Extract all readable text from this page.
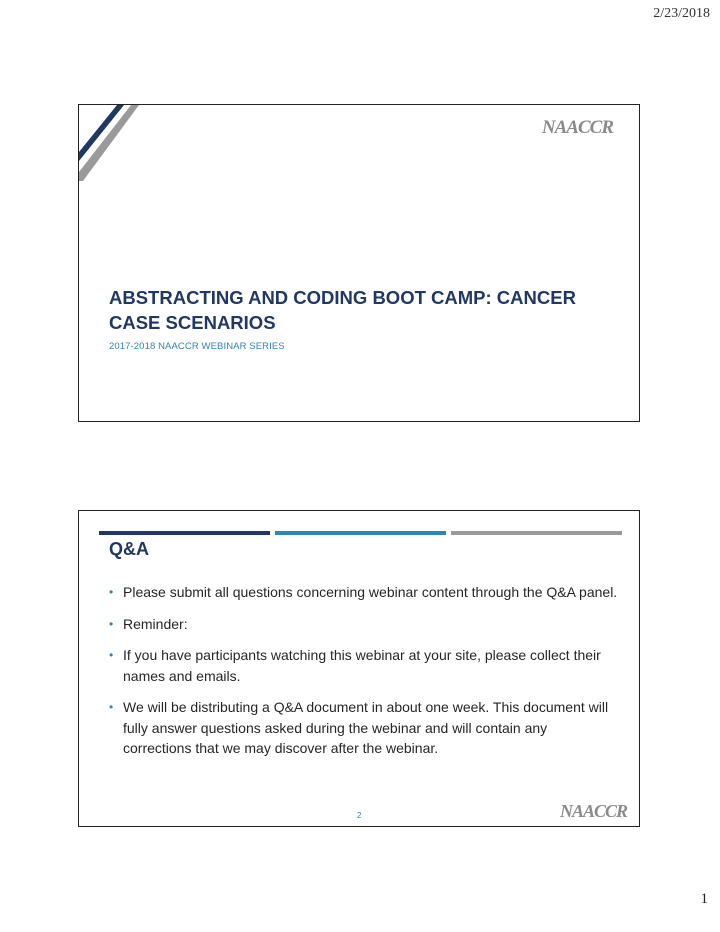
2/23/2018
NAACCR
ABSTRACTING AND CODING BOOT CAMP: CANCER CASE SCENARIOS
2017-2018 NAACCR WEBINAR SERIES
Q&A
• Please submit all questions concerning webinar content through the Q&A panel.
• Reminder:
• If you have participants watching this webinar at your site, please collect their names and emails.
• We will be distributing a Q&A document in about one week. This document will fully answer questions asked during the webinar and will contain any corrections that we may discover after the webinar.
2	NAACCR
1
